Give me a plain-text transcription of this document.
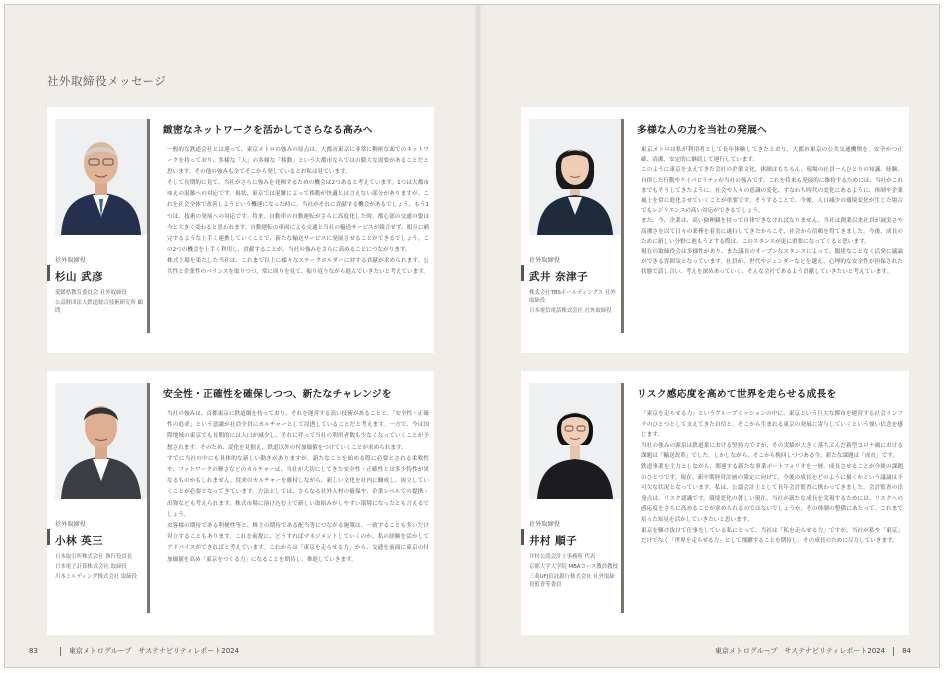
社外取締役メッセージ
社外取締役
杉山 武彦
愛媛県教育委員会 社外取締役
公益財団法人鉄道総合技術研究所 顧問
緻密なネットワークを活かしてさらなる高みへ

一般的な鉄道会社とは違って、東京メトロの強みの原点は、大都市東京に非常に稠密な面でのネットワークを持っており、多様な「人」の多様な「移動」という大都市ならではの膨大な需要があることだと思います。その他の強みも全てそこから発しているとお私は見ています。

そして長期的に見て、当社がさらに強みを発揮するための機会は2つあると考えています。1つは大都市ゆえの混雑への対応です。現状、東京では混雑によって移動が快適とは言えない部分がありますが、これを社会全体で改善しようという機運になった時に、当社がそれに貢献する機会があるでしょう。もう1つは、技術の発展への対応です。将来、自動車の自動運転がさらに高度化した時、都心部の交通の姿は今と大きく変わると思われます。自動運転の車両による交通と当社の輸送サービスが競合せず、相互に補完するような上手く連携していくことで、新たな輸送サービスに発展させることができるでしょう。この2つの機会を上手く利用し、貢献することが、当社の強みをさらに高めることにつながります。

株式上場を果たした当社は、これまで以上に様々なステークホルダーに対する貢献が求められます。公共性と企業性のバランスを取りつつ、常に周りを見て、振り返りながら進んでいきたいと考えています。

社外取締役
武井 奈津子
株式会社TBSホールディングス 社外取締役
日本電信電話株式会社 社外取締役
多様な人の力を当社の発展へ

東京メトロは私が利用者として長年体験してきたとおり、大都市東京の公共交通機関を、安全かつ正確、清潔、安定的に継続して運行しています。

このように東京を支えてきた会社の企業文化、体制はもちろん、現場の社員一人ひとりの知識、経験、自律した行動やケイパビリティが当社の強みです。これを将来も発展的に維持するためには、当社がこれまでもそうしてきたように、社会や人々の意識の変化、すなわち時代の変化にあるように、体制や企業風土を常に進化させていくことが重要です。そうすることで、今後、人口減少の環境変化が生じた場合でもレジリエンスの高い対応ができるでしょう。

また、今、企業は、高い倫理観を持って自律できなければなりません。当社は創業以来社員が誠実さや高潔さを以て日々の業務を着実に遂行してきたからこそ、社会から信頼を得てきました。今後、成長のために新しい分野に進もうとする際は、このスタンスが更に重要になってくると思います。

現在の取締役会は多様性があり、また議長のオープンなスタンスによって、闊達なことなく活発に議論ができる雰囲気となっています。社員が、世代やジェンダーなどを越え、心理的な安全性が担保された状態で話し合い、考えを深めあっていく、そんな会社であるよう貢献していきたいと考えています。

社外取締役
小林 英三
日本取引所株式会社 執行役員長
日本電子計算株式会社 取締役
川本ミルディング株式会社 取締役
安全性・正確性を確保しつつ、新たなチャレンジを

当社の強みは、首都東京に鉄道網を持っており、それを運営する高い技術があることと、「安全性・正確性の追求」という意識が社員全員にカルチャーとして浸透していることだと考えます。一方で、今は国際地域の東京でも長期的には人口が減少し、それに伴って当社の利用者数も少なくなっていくことが予想されます。そのため、変化を見据え、鉄道以外の付加価値をつけていくことが求められます。

すでに当社の中にも具体的な新しい動きがありますが、新たなことを始める際に必要とされる柔軟性や、フットワークの軽さなどのカルチャーは、当社が大切にしてきた安全性・正確性とは多少特性が異なるものかもしれません。従来のカルチャーを維持しながら、新しい文化を社内に醸成し、両立していくことが必要となってきています。方法としては、さらなる社外人材の確保や、企業レベルでの提携・出資なども考えられます。株式市場に溶け込む上で新しい取組みがしやすい環境になったとも言えるでしょう。

お客様の期待である利便性等と、株主の期待である配当等につながる施策は、一致することも多いだけ対立することもあります。これを前提に、どうすればマネジメントしていくのか、私の経験を活かしてアドバイスができればと考えています。これからは「東京を走らせる力」から、交通を前面に東京の付加価値を高め「東京をつくる力」になることを期待し、推進していきます。

社外取締役
井村 順子
井村公認会計士事務所 代表
京都大学大学院 MBAコース教員教授
三菱UFJ信託銀行株式会社 社外取締役監査等委員
リスク感応度を高めて世界を走らせる成長を

「東京を走らせる力」というグループミッションの中に、東京という巨大な都市を運営する社会インフラのひとつとして支えてきた自信と、そこから生まれる東京の発展に寄与していくという強い信念を感じます。

当社の強みの源泉は鉄道業における堅持力ですが、その実績が大きく落ちぶんだ新型コロナ禍における課題は「輸送改革」でした。しかしながら、そこから挽回しつつある今、新たな課題は「成長」です。

鉄道事業を主力としながら、関連する新たな事業ポートフォリオを一層、成長させることが今後の課題のひとつです。現在、新中期経営計画の策定に向けて、今後の成長をどのように描くかという議論は不可欠な状況となっています。私は、公認会計士として長年会計監査に携わってきました。会計監査の出発点は、リスク認識です。環境変化の著しい現在、当社が新たな成長を実現するためには、リスクへの感応度をさらに高めることが求められるのではないでしょうか。その体制の整備にあたって、これまで培った知見を活かしていきたいと思います。

東京を駆け抜けて仕事をしている私にとって、当社は「私を走らせる力」ですが、当社が私や「東京」だけでなく「世界を走らせる力」として飛躍することを期待し、その成長のために尽力していきます。

83	東京メトログループ　サステナビリティレポート2024	東京メトログループ　サステナビリティレポート2024 84
